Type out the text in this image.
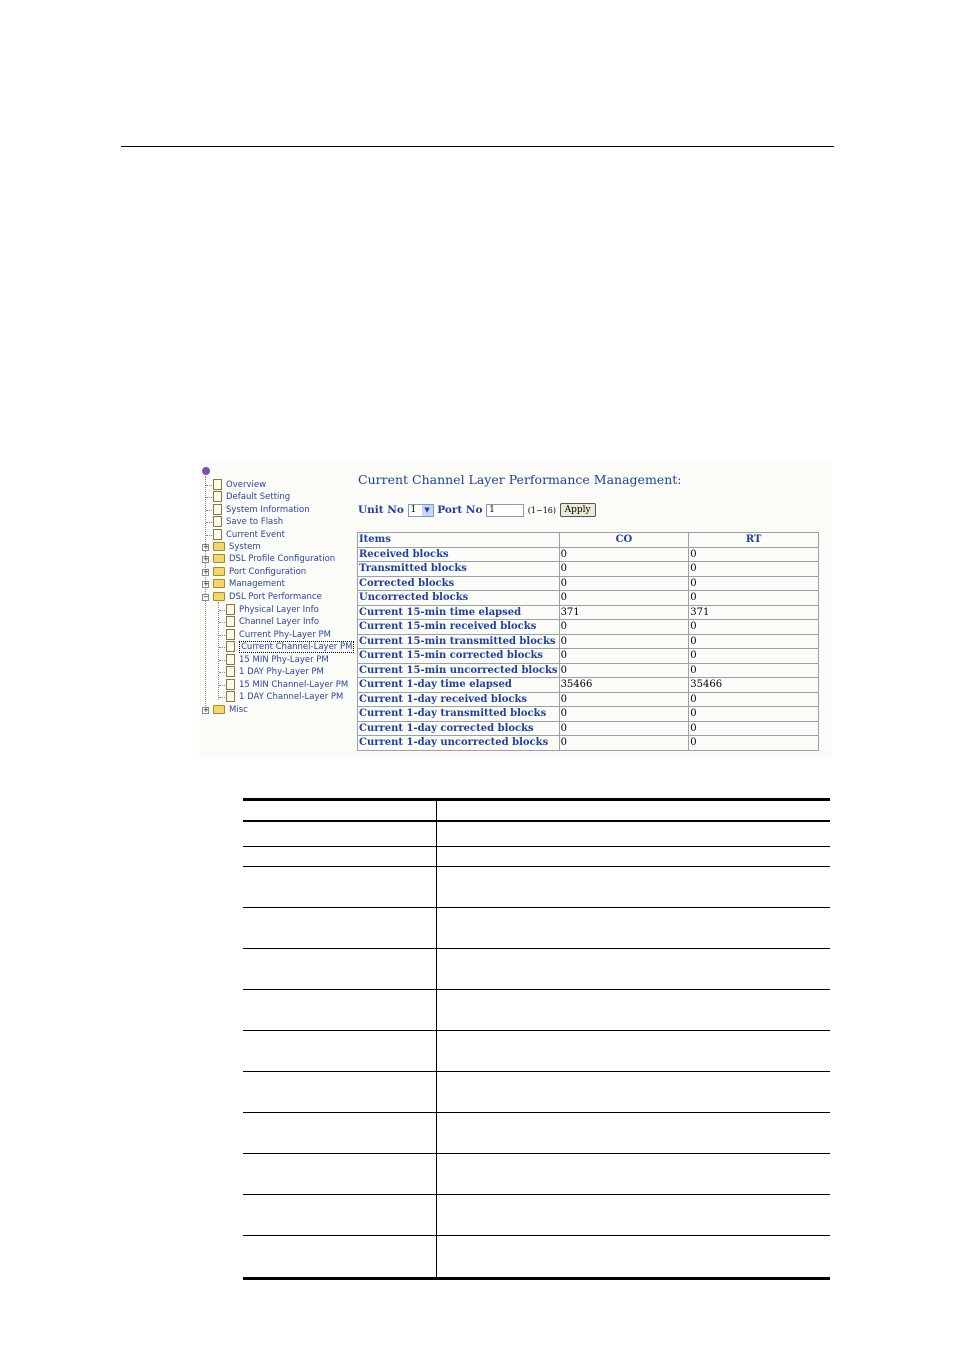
Overview
Default Setting
System Information
Save to Flash
Current Event
+	System
+	DSL Profile Configuration
+	Port Configuration
+	Management
−	DSL Port Performance
Physical Layer Info
Channel Layer Info
Current Phy-Layer PM
Current Channel-Layer PM
15 MIN Phy-Layer PM
1 DAY Phy-Layer PM
15 MIN Channel-Layer PM
1 DAY Channel-Layer PM
+	Misc
Current Channel Layer Performance Management:
Unit No 1	▼ Port No 1	(1~16) Apply
Items	CO	RT
Received blocks	0	0
Transmitted blocks	0	0
Corrected blocks	0	0
Uncorrected blocks	0	0
Current 15-min time elapsed	371	371
Current 15-min received blocks	0	0
Current 15-min transmitted blocks	0	0
Current 15-min corrected blocks	0	0
Current 15-min uncorrected blocks	0	0
Current 1-day time elapsed	35466	35466
Current 1-day received blocks	0	0
Current 1-day transmitted blocks	0	0
Current 1-day corrected blocks	0	0
Current 1-day uncorrected blocks	0	0
